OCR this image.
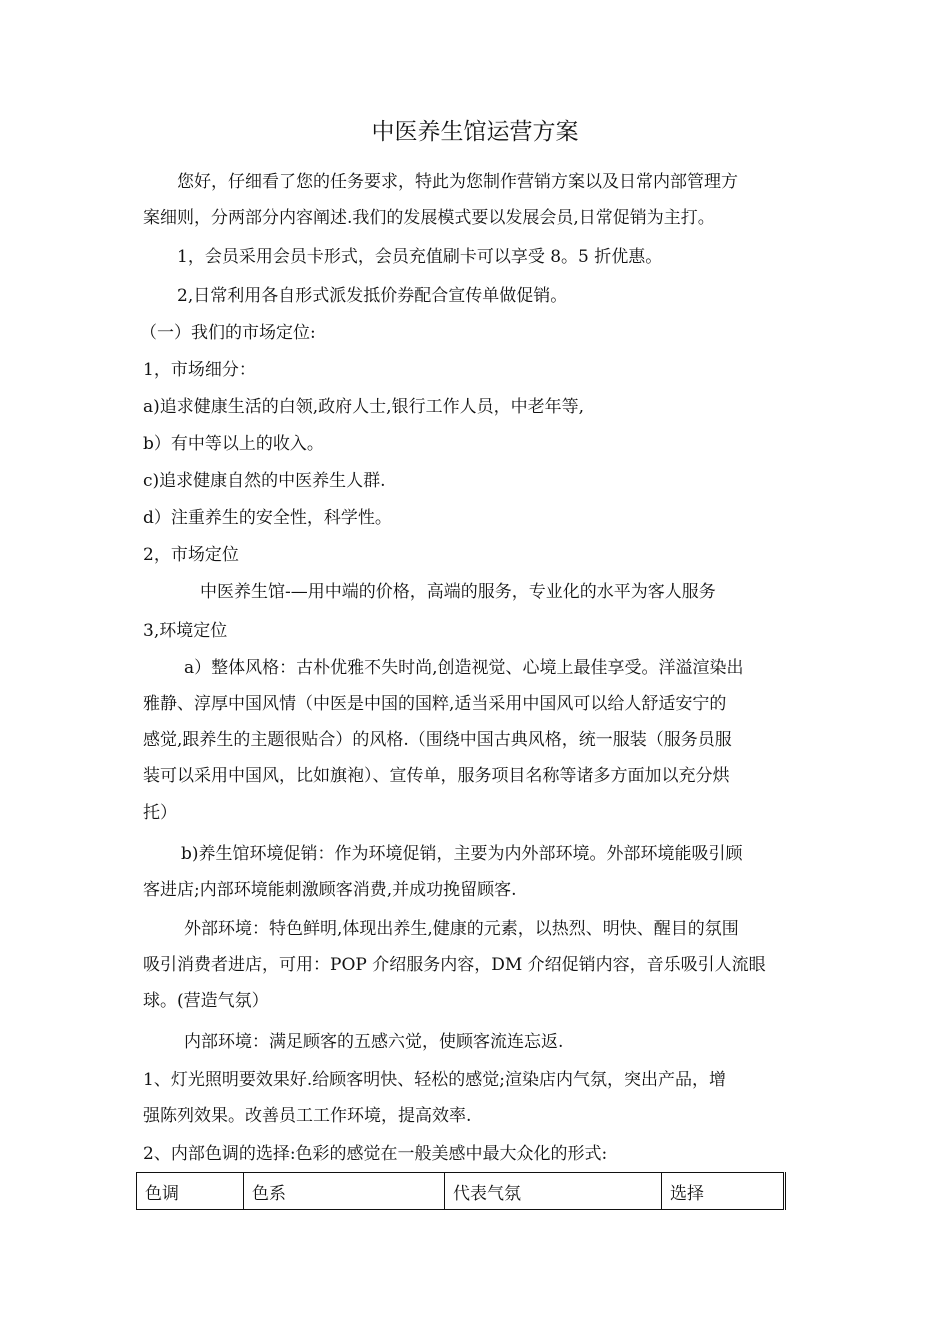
中医养生馆运营方案

您好，仔细看了您的任务要求，特此为您制作营销方案以及日常内部管理方

案细则，分两部分内容阐述.我们的发展模式要以发展会员,日常促销为主打。

1，会员采用会员卡形式，会员充值刷卡可以享受 8。5 折优惠。

2,日常利用各自形式派发抵价券配合宣传单做促销。

（一）我们的市场定位:

1，市场细分：

a)追求健康生活的白领,政府人士,银行工作人员，中老年等,

b）有中等以上的收入。

c)追求健康自然的中医养生人群.

d）注重养生的安全性，科学性。

2，市场定位

中医养生馆-—用中端的价格，高端的服务，专业化的水平为客人服务

3,环境定位

a）整体风格：古朴优雅不失时尚,创造视觉、心境上最佳享受。洋溢渲染出

雅静、淳厚中国风情（中医是中国的国粹,适当采用中国风可以给人舒适安宁的

感觉,跟养生的主题很贴合）的风格.（围绕中国古典风格，统一服装（服务员服

装可以采用中国风，比如旗袍）、宣传单，服务项目名称等诸多方面加以充分烘

托）

b)养生馆环境促销：作为环境促销，主要为内外部环境。外部环境能吸引顾

客进店;内部环境能刺激顾客消费,并成功挽留顾客.

外部环境：特色鲜明,体现出养生,健康的元素，以热烈、明快、醒目的氛围

吸引消费者进店，可用：POP 介绍服务内容，DM 介绍促销内容，音乐吸引人流眼

球。(营造气氛）

内部环境：满足顾客的五感六觉，使顾客流连忘返.

1、灯光照明要效果好.给顾客明快、轻松的感觉;渲染店内气氛，突出产品，增

强陈列效果。改善员工工作环境，提高效率.

2、内部色调的选择:色彩的感觉在一般美感中最大众化的形式:

色调	色系	代表气氛	选择
